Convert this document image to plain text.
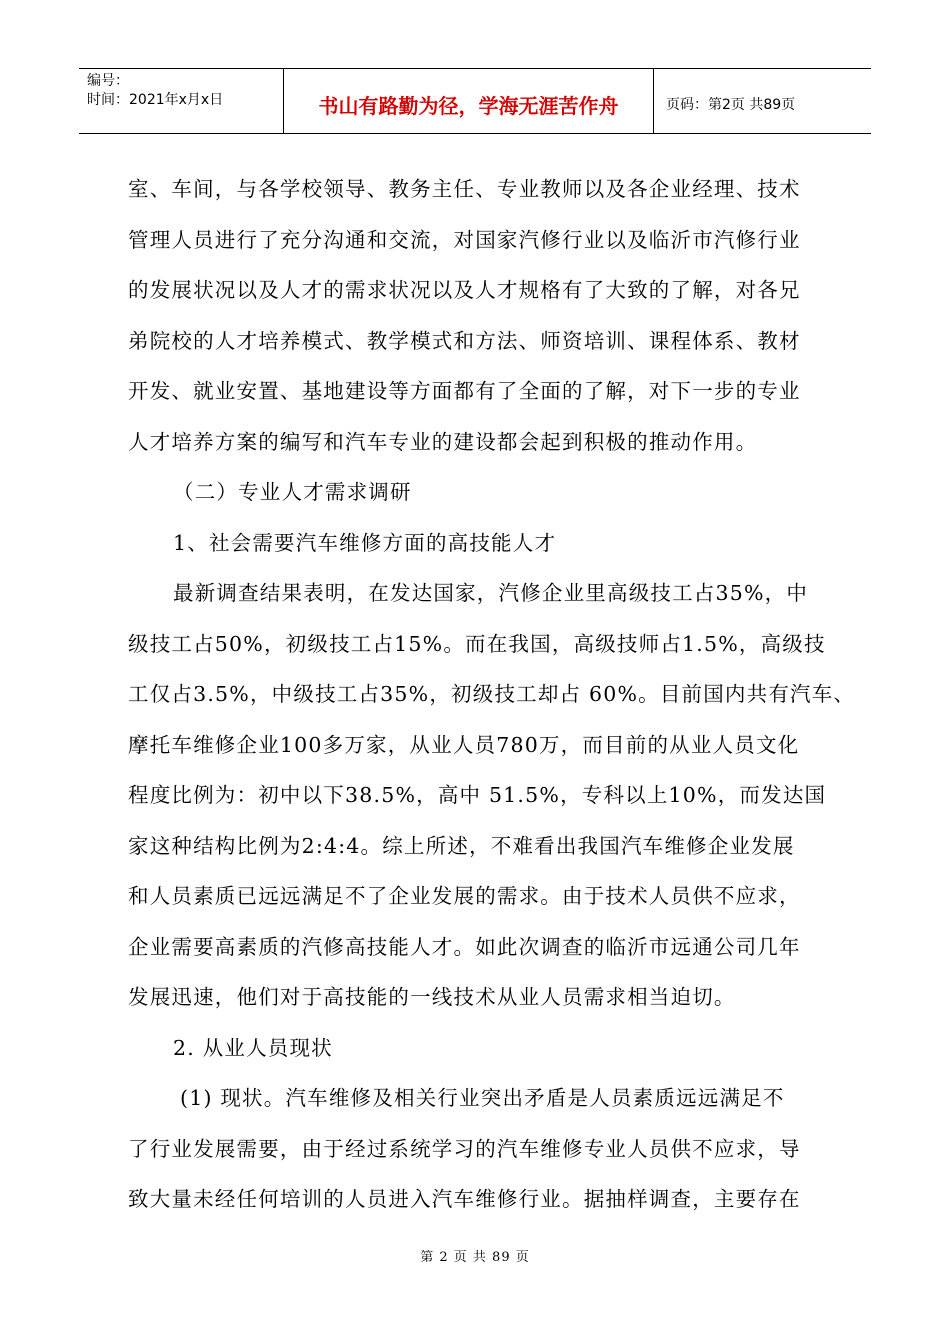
编号：
时间：2021年x月x日	书山有路勤为径，学海无涯苦作舟	页码：第2页 共89页

室、车间，与各学校领导、教务主任、专业教师以及各企业经理、技术

管理人员进行了充分沟通和交流，对国家汽修行业以及临沂市汽修行业

的发展状况以及人才的需求状况以及人才规格有了大致的了解，对各兄

弟院校的人才培养模式、教学模式和方法、师资培训、课程体系、教材

开发、就业安置、基地建设等方面都有了全面的了解，对下一步的专业

人才培养方案的编写和汽车专业的建设都会起到积极的推动作用。

（二）专业人才需求调研

1、社会需要汽车维修方面的高技能人才

最新调查结果表明，在发达国家，汽修企业里高级技工占35%，中

级技工占50%，初级技工占15%。而在我国，高级技师占1.5%，高级技

工仅占3.5%，中级技工占35%，初级技工却占 60%。目前国内共有汽车、

摩托车维修企业100多万家，从业人员780万，而目前的从业人员文化

程度比例为：初中以下38.5%，高中 51.5%，专科以上10%，而发达国

家这种结构比例为2:4:4。综上所述，不难看出我国汽车维修企业发展

和人员素质已远远满足不了企业发展的需求。由于技术人员供不应求，

企业需要高素质的汽修高技能人才。如此次调查的临沂市远通公司几年

发展迅速，他们对于高技能的一线技术从业人员需求相当迫切。

2. 从业人员现状

(1) 现状。汽车维修及相关行业突出矛盾是人员素质远远满足不

了行业发展需要，由于经过系统学习的汽车维修专业人员供不应求，导

致大量未经任何培训的人员进入汽车维修行业。据抽样调查，主要存在

第 2 页 共 89 页
